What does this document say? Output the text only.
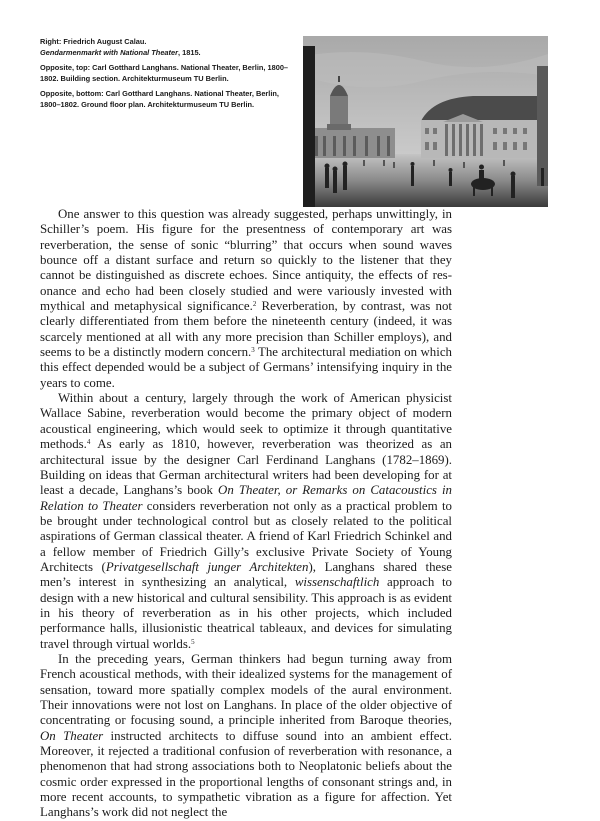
Right: Friedrich August Calau.
Gendarmenmarkt with National Theater, 1815.

Opposite, top: Carl Gotthard Langhans. National Theater, Berlin, 1800–1802. Building section. Architekturmuseum TU Berlin.

Opposite, bottom: Carl Gotthard Langhans. National Theater, Berlin, 1800–1802. Ground floor plan. Architekturmuseum TU Berlin.

One answer to this question was already suggested, perhaps unwittingly, in Schiller’s poem. His figure for the presentness of contemporary art was reverberation, the sense of sonic “blurring” that occurs when sound waves bounce off a distant surface and return so quickly to the listener that they cannot be distinguished as discrete echoes. Since antiquity, the effects of resonance and echo had been closely studied and were variously invested with mythical and metaphysical significance.$^2$ Reverberation, by contrast, was not clearly differentiated from them before the nineteenth century (indeed, it was scarcely mentioned at all with any more precision than Schiller employs), and seems to be a distinctly modern concern.$^3$ The architectural mediation on which this effect depended would be a subject of Germans’ intensifying inquiry in the years to come.

Within about a century, largely through the work of American physicist Wallace Sabine, reverberation would become the primary object of modern acoustical engineering, which would seek to optimize it through quantitative methods.$^4$ As early as 1810, however, reverberation was theorized as an architectural issue by the designer Carl Ferdinand Langhans (1782–1869). Building on ideas that German architectural writers had been developing for at least a decade, Langhans’s book On Theater, or Remarks on Catacoustics in Relation to Theater considers reverberation not only as a practical problem to be brought under technological control but as closely related to the political aspirations of German classical theater. A friend of Karl Friedrich Schinkel and a fellow member of Friedrich Gilly’s exclusive Private Society of Young Architects (Privatgesellschaft junger Architekten), Langhans shared these men’s interest in synthesizing an analytical, wissenschaftlich approach to design with a new historical and cultural sensibility. This approach is as evident in his theory of reverberation as in his other projects, which included performance halls, illusionistic theatrical tableaux, and devices for simulating travel through virtual worlds.$^5$

In the preceding years, German thinkers had begun turning away from French acoustical methods, with their idealized systems for the management of sensation, toward more spatially complex models of the aural environment. Their innovations were not lost on Langhans. In place of the older objective of concentrating or focusing sound, a principle inherited from Baroque theories, On Theater instructed architects to diffuse sound into an ambient effect. Moreover, it rejected a traditional confusion of reverberation with resonance, a phenomenon that had strong associations both to Neoplatonic beliefs about the cosmic order expressed in the proportional lengths of consonant strings and, in more recent accounts, to sympathetic vibration as a figure for affection. Yet Langhans’s work did not neglect the
